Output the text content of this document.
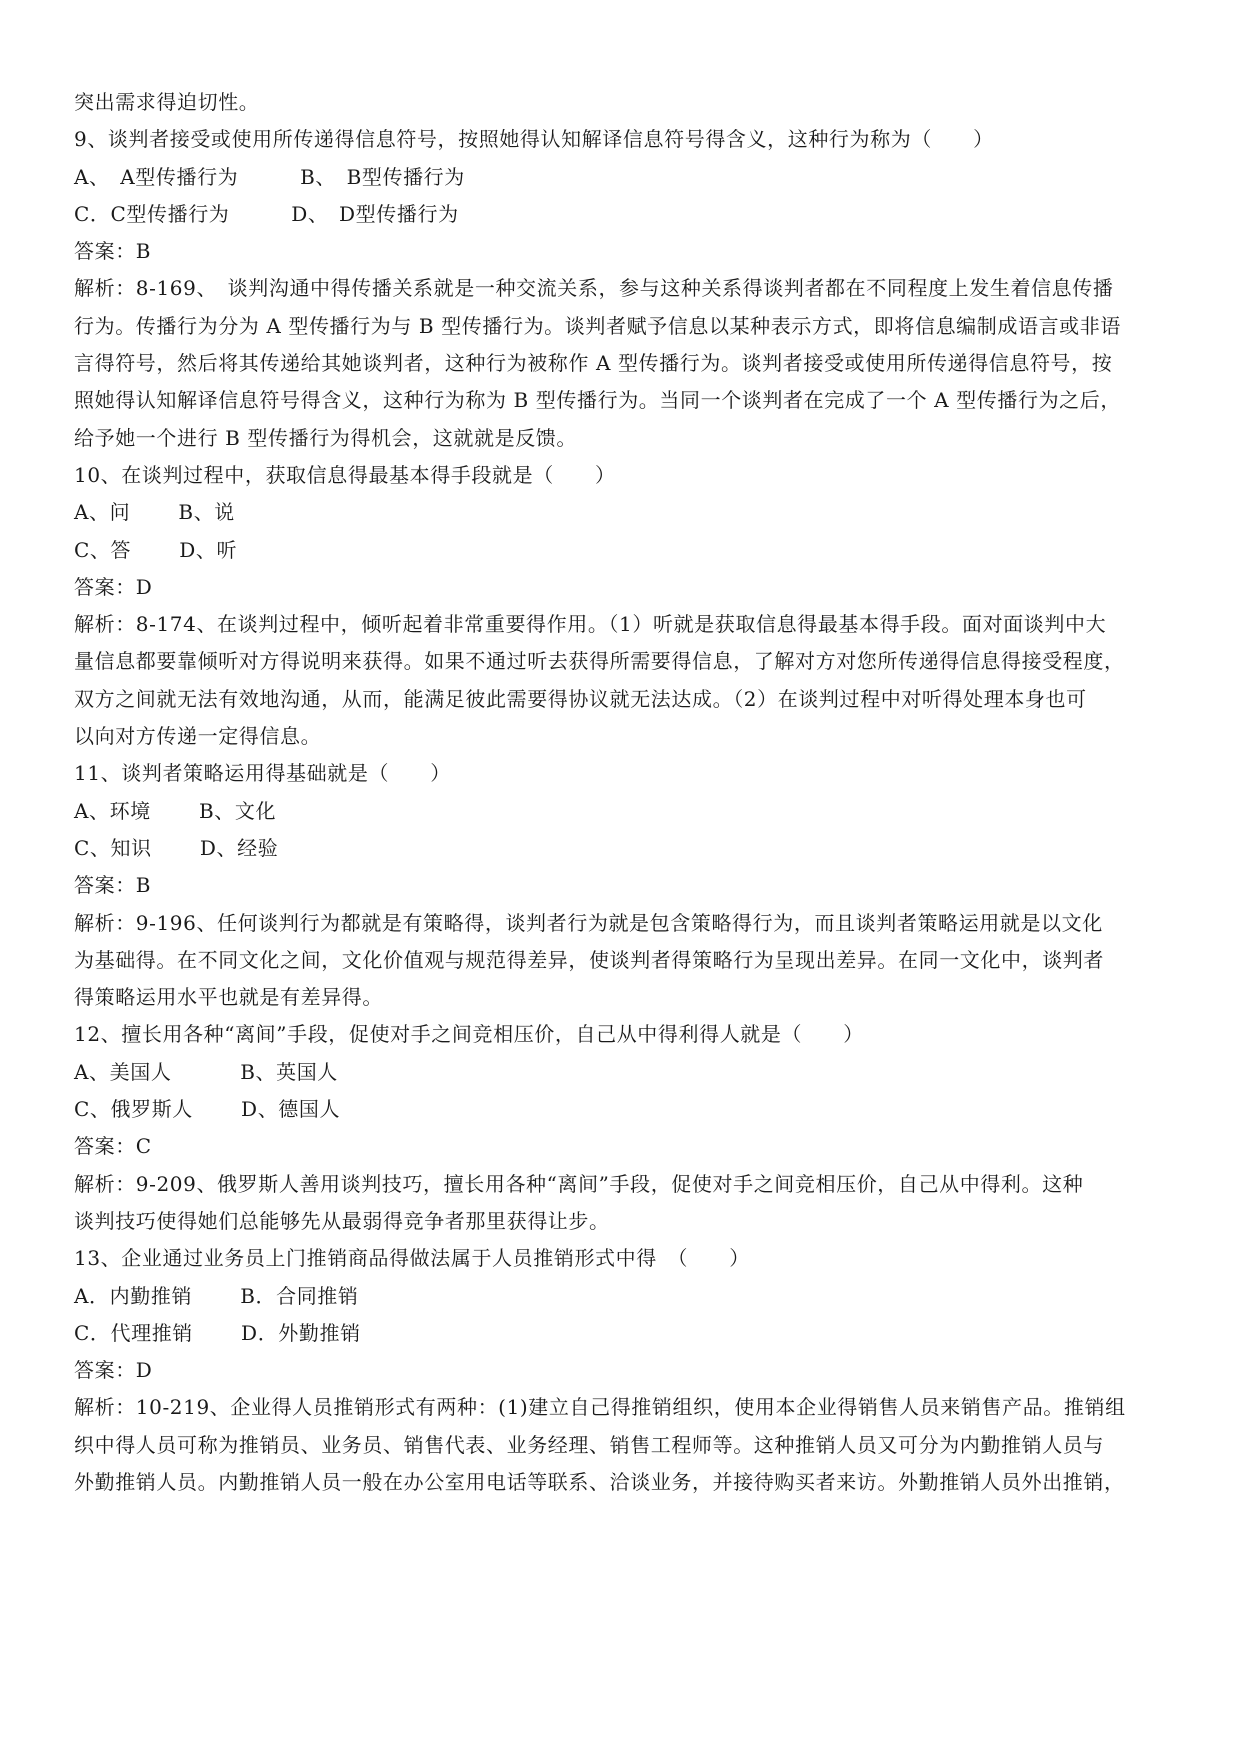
突出需求得迫切性。
9、谈判者接受或使用所传递得信息符号，按照她得认知解译信息符号得含义，这种行为称为（　　）
A、　A型传播行为　　　B、　B型传播行为
C．C型传播行为　　　D、　D型传播行为
答案：B
解析：8-169、　谈判沟通中得传播关系就是一种交流关系，参与这种关系得谈判者都在不同程度上发生着信息传播
行为。传播行为分为 A 型传播行为与 B 型传播行为。谈判者赋予信息以某种表示方式，即将信息编制成语言或非语
言得符号，然后将其传递给其她谈判者，这种行为被称作 A 型传播行为。谈判者接受或使用所传递得信息符号，按
照她得认知解译信息符号得含义，这种行为称为 B 型传播行为。当同一个谈判者在完成了一个 A 型传播行为之后，
给予她一个进行 B 型传播行为得机会，这就就是反馈。
10、在谈判过程中，获取信息得最基本得手段就是（　　）
A、问　　 B、说
C、答　　 D、听
答案：D
解析：8-174、在谈判过程中，倾听起着非常重要得作用。（1）听就是获取信息得最基本得手段。面对面谈判中大
量信息都要靠倾听对方得说明来获得。如果不通过听去获得所需要得信息，了解对方对您所传递得信息得接受程度，
双方之间就无法有效地沟通，从而，能满足彼此需要得协议就无法达成。（2）在谈判过程中对听得处理本身也可
以向对方传递一定得信息。
11、谈判者策略运用得基础就是（　　）
A、环境　　 B、文化
C、知识　　 D、经验
答案：B
解析：9-196、任何谈判行为都就是有策略得，谈判者行为就是包含策略得行为，而且谈判者策略运用就是以文化
为基础得。在不同文化之间，文化价值观与规范得差异，使谈判者得策略行为呈现出差异。在同一文化中，谈判者
得策略运用水平也就是有差异得。
12、擅长用各种“离间”手段，促使对手之间竞相压价，自己从中得利得人就是（　　）
A、美国人　　　 B、英国人
C、俄罗斯人　　 D、德国人
答案：C
解析：9-209、俄罗斯人善用谈判技巧，擅长用各种“离间”手段，促使对手之间竞相压价，自己从中得利。这种
谈判技巧使得她们总能够先从最弱得竞争者那里获得让步。
13、企业通过业务员上门推销商品得做法属于人员推销形式中得　（　　）
A．内勤推销　　 B．合同推销
C．代理推销　　 D．外勤推销
答案：D
解析：10-219、企业得人员推销形式有两种：(1)建立自己得推销组织，使用本企业得销售人员来销售产品。推销组
织中得人员可称为推销员、业务员、销售代表、业务经理、销售工程师等。这种推销人员又可分为内勤推销人员与
外勤推销人员。内勤推销人员一般在办公室用电话等联系、洽谈业务，并接待购买者来访。外勤推销人员外出推销，
